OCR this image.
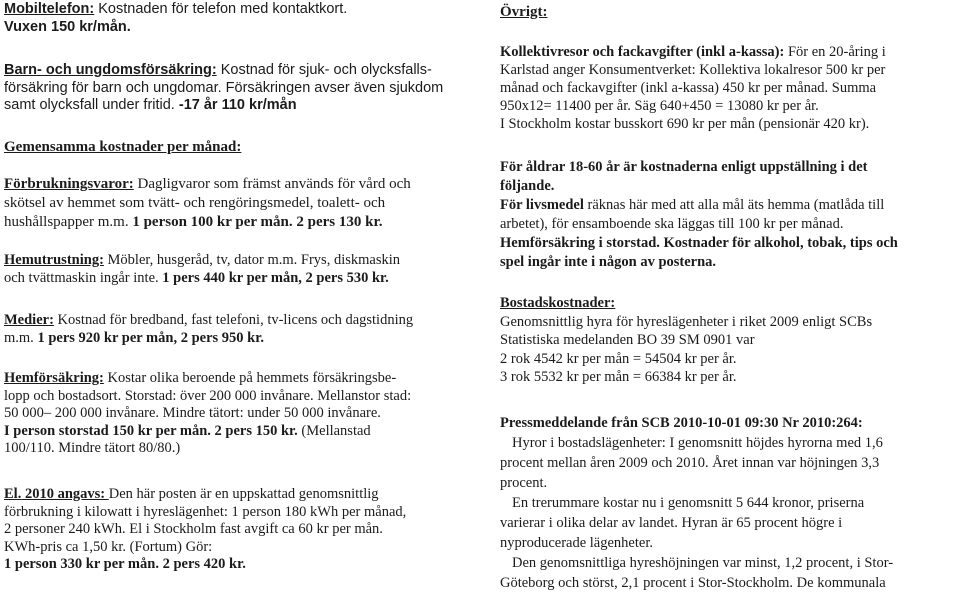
Mobiltelefon: Kostnaden för telefon med kontaktkort.
Vuxen 150 kr/mån.

Barn- och ungdomsförsäkring: Kostnad för sjuk- och olycksfalls-
försäkring för barn och ungdomar. Försäkringen avser även sjukdom
samt olycksfall under fritid. -17 år 110 kr/mån

Gemensamma kostnader per månad:

Förbrukningsvaror: Dagligvaror som främst används för vård och
skötsel av hemmet som tvätt- och rengöringsmedel, toalett- och
hushållspapper m.m. 1 person 100 kr per mån. 2 pers 130 kr.

Hemutrustning: Möbler, husgeråd, tv, dator m.m. Frys, diskmaskin
och tvättmaskin ingår inte. 1 pers 440 kr per mån, 2 pers 530 kr.

Medier: Kostnad för bredband, fast telefoni, tv-licens och dagstidning
m.m. 1 pers 920 kr per mån, 2 pers 950 kr.

Hemförsäkring: Kostar olika beroende på hemmets försäkringsbe-
lopp och bostadsort. Storstad: över 200 000 invånare. Mellanstor stad:
50 000– 200 000 invånare. Mindre tätort: under 50 000 invånare.
I person storstad 150 kr per mån. 2 pers 150 kr. (Mellanstad
100/110. Mindre tätort 80/80.)

El. 2010 angavs: Den här posten är en uppskattad genomsnittlig
förbrukning i kilowatt i hyreslägenhet: 1 person 180 kWh per månad,
2 personer 240 kWh. El i Stockholm fast avgift ca 60 kr per mån.
KWh-pris ca 1,50 kr. (Fortum) Gör:
1 person 330 kr per mån. 2 pers 420 kr.

Övrigt:

Kollektivresor och fackavgifter (inkl a-kassa): För en 20-åring i
Karlstad anger Konsumentverket: Kollektiva lokalresor 500 kr per
månad och fackavgifter (inkl a-kassa) 450 kr per månad. Summa
950x12= 11400 per år. Säg 640+450 = 13080 kr per år.
I Stockholm kostar busskort 690 kr per mån (pensionär 420 kr).

För åldrar 18-60 år är kostnaderna enligt uppställning i det
följande.
För livsmedel räknas här med att alla mål äts hemma (matlåda till
arbetet), för ensamboende ska läggas till 100 kr per månad.
Hemförsäkring i storstad. Kostnader för alkohol, tobak, tips och
spel ingår inte i någon av posterna.

Bostadskostnader:
Genomsnittlig hyra för hyreslägenheter i riket 2009 enligt SCBs
Statistiska medelanden BO 39 SM 0901 var
2 rok 4542 kr per mån = 54504 kr per år.
3 rok 5532 kr per mån = 66384 kr per år.

Pressmeddelande från SCB 2010-10-01 09:30 Nr 2010:264:
Hyror i bostadslägenheter: I genomsnitt höjdes hyrorna med 1,6
procent mellan åren 2009 och 2010. Året innan var höjningen 3,3
procent.
En trerummare kostar nu i genomsnitt 5 644 kronor, priserna
varierar i olika delar av landet. Hyran är 65 procent högre i
nyproducerade lägenheter.
Den genomsnittliga hyreshöjningen var minst, 1,2 procent, i Stor-
Göteborg och störst, 2,1 procent i Stor-Stockholm. De kommunala
